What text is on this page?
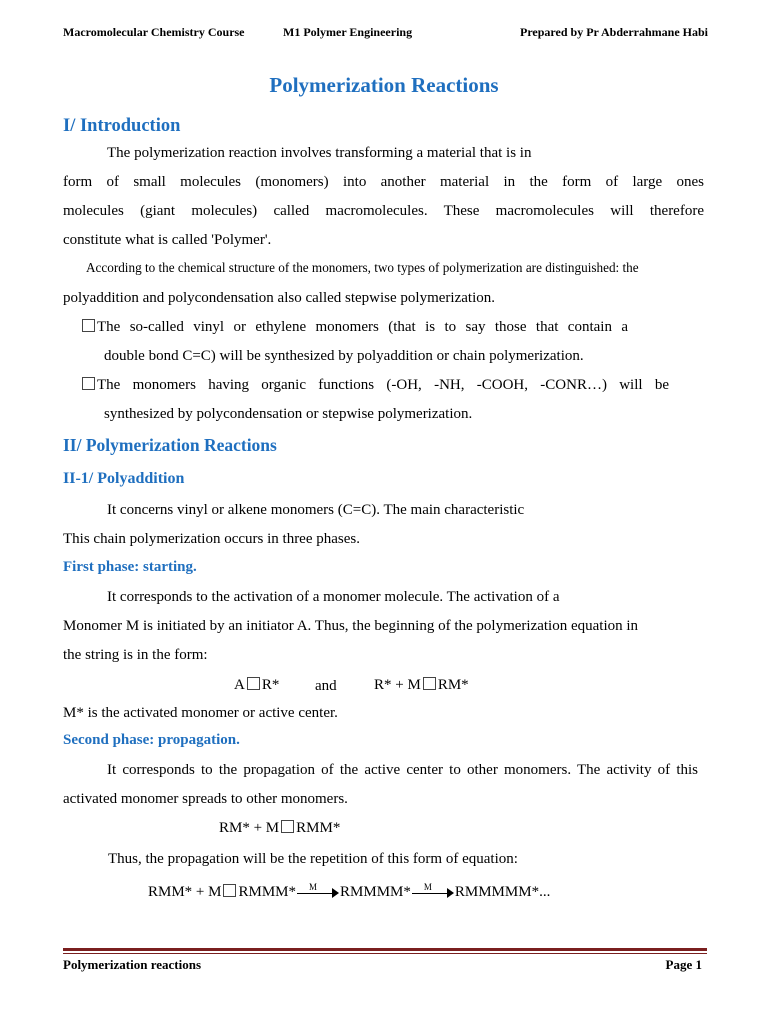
Macromolecular Chemistry Course	M1 Polymer Engineering	Prepared by Pr Abderrahmane Habi
Polymerization Reactions
I/ Introduction
The polymerization reaction involves transforming a material that is in
form of small molecules (monomers) into another material in the form of large ones
molecules (giant molecules) called macromolecules. These macromolecules will therefore
constitute what is called 'Polymer'.
According to the chemical structure of the monomers, two types of polymerization are distinguished: the
polyaddition and polycondensation also called stepwise polymerization.
The so-called vinyl or ethylene monomers (that is to say those that contain a
double bond C=C) will be synthesized by polyaddition or chain polymerization.
The monomers having organic functions (-OH, -NH, -COOH, -CONR…) will be
synthesized by polycondensation or stepwise polymerization.
II/ Polymerization Reactions
II-1/ Polyaddition
It concerns vinyl or alkene monomers (C=C). The main characteristic
This chain polymerization occurs in three phases.
First phase: starting.
It corresponds to the activation of a monomer molecule. The activation of a
Monomer M is initiated by an initiator A. Thus, the beginning of the polymerization equation in
the string is in the form:
A R* and R* + M RM*
M* is the activated monomer or active center.
Second phase: propagation.
It corresponds to the propagation of the active center to other monomers. The activity of this
activated monomer spreads to other monomers.
RM* + M RMM*
Thus, the propagation will be the repetition of this form of equation:
RMM* + M RMMM* M RMMMM* M RMMMMM*...
Polymerization reactions	Page 1
